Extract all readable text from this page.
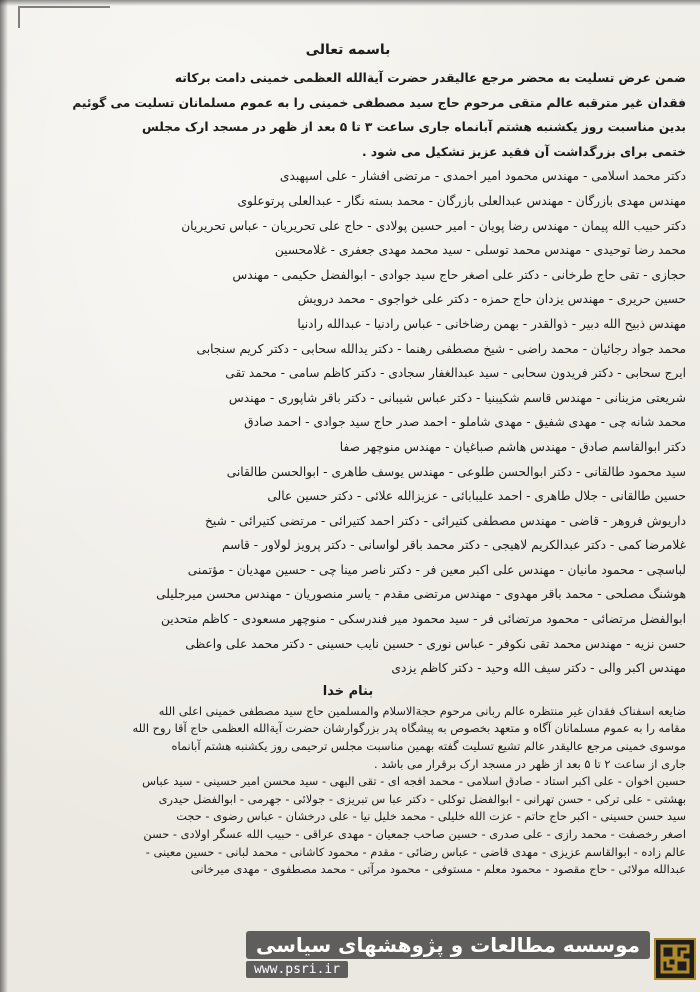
باسمه تعالی
ضمن عرض تسلیت به محضر مرجع عالیقدر حضرت آیةالله العظمی خمینی دامت برکاته
فقدان غیر مترقبه عالم متقی مرحوم حاج سید مصطفی خمینی را به عموم مسلمانان تسلیت می گوئیم
بدین مناسبت روز یکشنبه هشتم آبانماه جاری ساعت ۳ تا ۵ بعد از ظهر در مسجد ارک مجلس
ختمی برای بزرگداشت آن فقید عزیز تشکیل می شود .
دکتر محمد اسلامی - مهندس محمود امیر احمدی - مرتضی افشار - علی اسپهبدی
مهندس مهدی بازرگان - مهندس عبدالعلی بازرگان - محمد بسته نگار - عبدالعلی پرتوعلوی
دکتر حبیب الله پیمان - مهندس رضا پویان - امیر حسین پولادی - حاج علی تحریریان - عباس تحریریان
محمد رضا توحیدی - مهندس محمد توسلی - سید محمد مهدی جعفری - غلامحسین
حجازی - تقی حاج طرخانی - دکتر علی اصغر حاج سید جوادی - ابوالفضل حکیمی - مهندس
حسین حریری - مهندس یزدان حاج حمزه - دکتر علی خواجوی - محمد درویش
مهندس ذبیح الله دبیر - ذوالقدر - بهمن رضاخانی - عباس رادنیا - عبدالله رادنیا
محمد جواد رجائیان - محمد راضی - شیخ مصطفی رهنما - دکتر یدالله سحابی - دکتر کریم سنجابی
ایرج سحابی - دکتر فریدون سحابی - سید عبدالغفار سجادی - دکتر کاظم سامی - محمد تقی
شریعتی مزینانی - مهندس قاسم شکیبنیا - دکتر عباس شیبانی - دکتر باقر شاپوری - مهندس
محمد شانه چی - مهدی شفیق - مهدی شاملو - احمد صدر حاج سید جوادی - احمد صادق
دکتر ابوالقاسم صادق - مهندس هاشم صباغیان - مهندس منوچهر صفا
سید محمود طالقانی - دکتر ابوالحسن طلوعی - مهندس یوسف طاهری - ابوالحسن طالقانی
حسین طالقانی - جلال طاهری - احمد علیبابائی - عزیزالله علائی - دکتر حسین عالی
داریوش فروهر - قاضی - مهندس مصطفی کتیرائی - دکتر احمد کتیرائی - مرتضی کتیرائی - شیخ
غلامرضا کمی - دکتر عبدالکریم لاهیجی - دکتر محمد باقر لواسانی - دکتر پرویز لولاور - قاسم
لباسچی - محمود مانیان - مهندس علی اکبر معین فر - دکتر ناصر مینا چی - حسین مهدیان - مؤتمنی
هوشنگ مصلحی - محمد باقر مهدوی - مهندس مرتضی مقدم - یاسر منصوریان - مهندس محسن میرجلیلی
ابوالفضل مرتضائی - محمود مرتضائی فر - سید محمود میر فندرسکی - منوچهر مسعودی - کاظم متحدین
حسن نزیه - مهندس محمد تقی نکوفر - عباس نوری - حسین نایب حسینی - دکتر محمد علی واعظی
مهندس اکبر والی - دکتر سیف الله وحید - دکتر کاظم یزدی
بنام خدا
ضایعه اسفناک فقدان غیر منتظره عالم ربانی مرحوم حجةالاسلام والمسلمین حاج سید مصطفی خمینی اعلی الله
مقامه را به عموم مسلمانان آگاه و متعهد بخصوص به پیشگاه پدر بزرگوارشان حضرت آیةالله العظمی حاج آقا روح الله
موسوی خمینی مرجع عالیقدر عالم تشیع تسلیت گفته بهمین مناسبت مجلس ترحیمی روز یکشنبه هشتم آبانماه
جاری از ساعت ۲ تا ۵ بعد از ظهر در مسجد ارک برقرار می باشد .
حسین اخوان - علی اکبر استاد - صادق اسلامی - محمد افجه ای - تقی البهی - سید محسن امیر حسینی - سید عباس
بهشتی - علی ترکی - حسن تهرانی - ابوالفضل توکلی - دکتر عبا س تبریزی - جولائی - جهرمی - ابوالفضل حیدری
سید حسن حسینی - اکبر حاج حاتم - عزت الله خلیلی - محمد خلیل نیا - علی درخشان - عباس رضوی - حجت
اصغر رخصفت - محمد رازی - علی صدری - حسین صاحب جمعیان - مهدی عراقی - حبیب الله عسگر اولادی - حسن
عالم زاده - ابوالقاسم عزیزی - مهدی قاضی - عباس رضائی - مقدم - محمود کاشانی - محمد لبانی - حسین معینی -
عبدالله مولائی - حاج مقصود - محمود معلم - مستوفی - محمود مرآتی - محمد مصطفوی - مهدی میرخانی
موسسه مطالعات و پژوهشهای سیاسی
www.psri.ir
